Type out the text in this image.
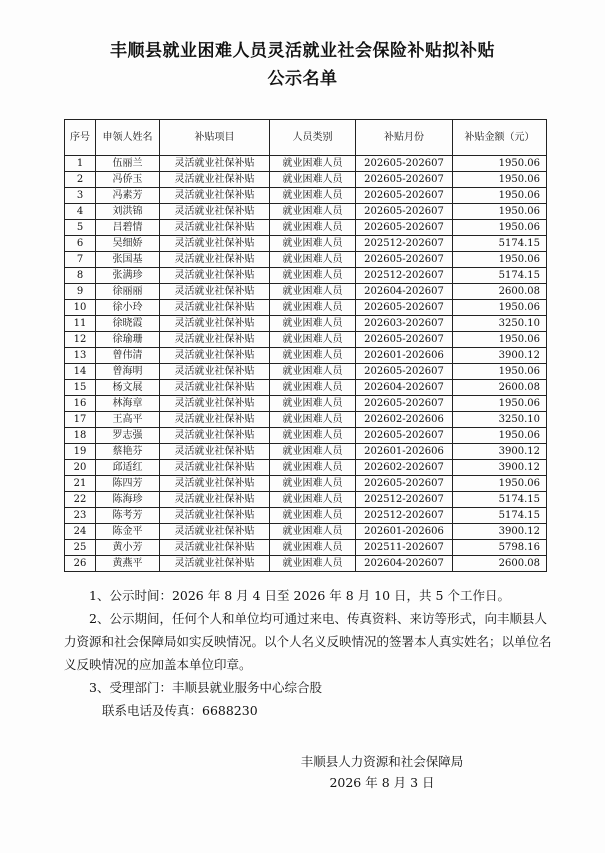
丰顺县就业困难人员灵活就业社会保险补贴拟补贴
公示名单
序号	申领人姓名	补贴项目	人员类别	补贴月份	补贴金额（元）
1	伍丽兰	灵活就业社保补贴	就业困难人员	202605-202607	1950.06
2	冯侨玉	灵活就业社保补贴	就业困难人员	202605-202607	1950.06
3	冯素芳	灵活就业社保补贴	就业困难人员	202605-202607	1950.06
4	刘洪锦	灵活就业社保补贴	就业困难人员	202605-202607	1950.06
5	吕碧情	灵活就业社保补贴	就业困难人员	202605-202607	1950.06
6	吴细娇	灵活就业社保补贴	就业困难人员	202512-202607	5174.15
7	张国基	灵活就业社保补贴	就业困难人员	202605-202607	1950.06
8	张满珍	灵活就业社保补贴	就业困难人员	202512-202607	5174.15
9	徐丽丽	灵活就业社保补贴	就业困难人员	202604-202607	2600.08
10	徐小玲	灵活就业社保补贴	就业困难人员	202605-202607	1950.06
11	徐晓霞	灵活就业社保补贴	就业困难人员	202603-202607	3250.10
12	徐瑜珊	灵活就业社保补贴	就业困难人员	202605-202607	1950.06
13	曾伟清	灵活就业社保补贴	就业困难人员	202601-202606	3900.12
14	曾海明	灵活就业社保补贴	就业困难人员	202605-202607	1950.06
15	杨文展	灵活就业社保补贴	就业困难人员	202604-202607	2600.08
16	林海章	灵活就业社保补贴	就业困难人员	202605-202607	1950.06
17	王高平	灵活就业社保补贴	就业困难人员	202602-202606	3250.10
18	罗志强	灵活就业社保补贴	就业困难人员	202605-202607	1950.06
19	蔡艳芬	灵活就业社保补贴	就业困难人员	202601-202606	3900.12
20	邱适红	灵活就业社保补贴	就业困难人员	202602-202607	3900.12
21	陈四芳	灵活就业社保补贴	就业困难人员	202605-202607	1950.06
22	陈海珍	灵活就业社保补贴	就业困难人员	202512-202607	5174.15
23	陈考芳	灵活就业社保补贴	就业困难人员	202512-202607	5174.15
24	陈金平	灵活就业社保补贴	就业困难人员	202601-202606	3900.12
25	黄小芳	灵活就业社保补贴	就业困难人员	202511-202607	5798.16
26	黄燕平	灵活就业社保补贴	就业困难人员	202604-202607	2600.08

1、公示时间：2026 年 8 月 4 日至 2026 年 8 月 10 日，共 5 个工作日。

2、公示期间，任何个人和单位均可通过来电、传真资料、来访等形式，向丰顺县人力资源和社会保障局如实反映情况。以个人名义反映情况的签署本人真实姓名；以单位名义反映情况的应加盖本单位印章。

3、受理部门：丰顺县就业服务中心综合股

联系电话及传真：6688230

丰顺县人力资源和社会保障局
2026 年 8 月 3 日
